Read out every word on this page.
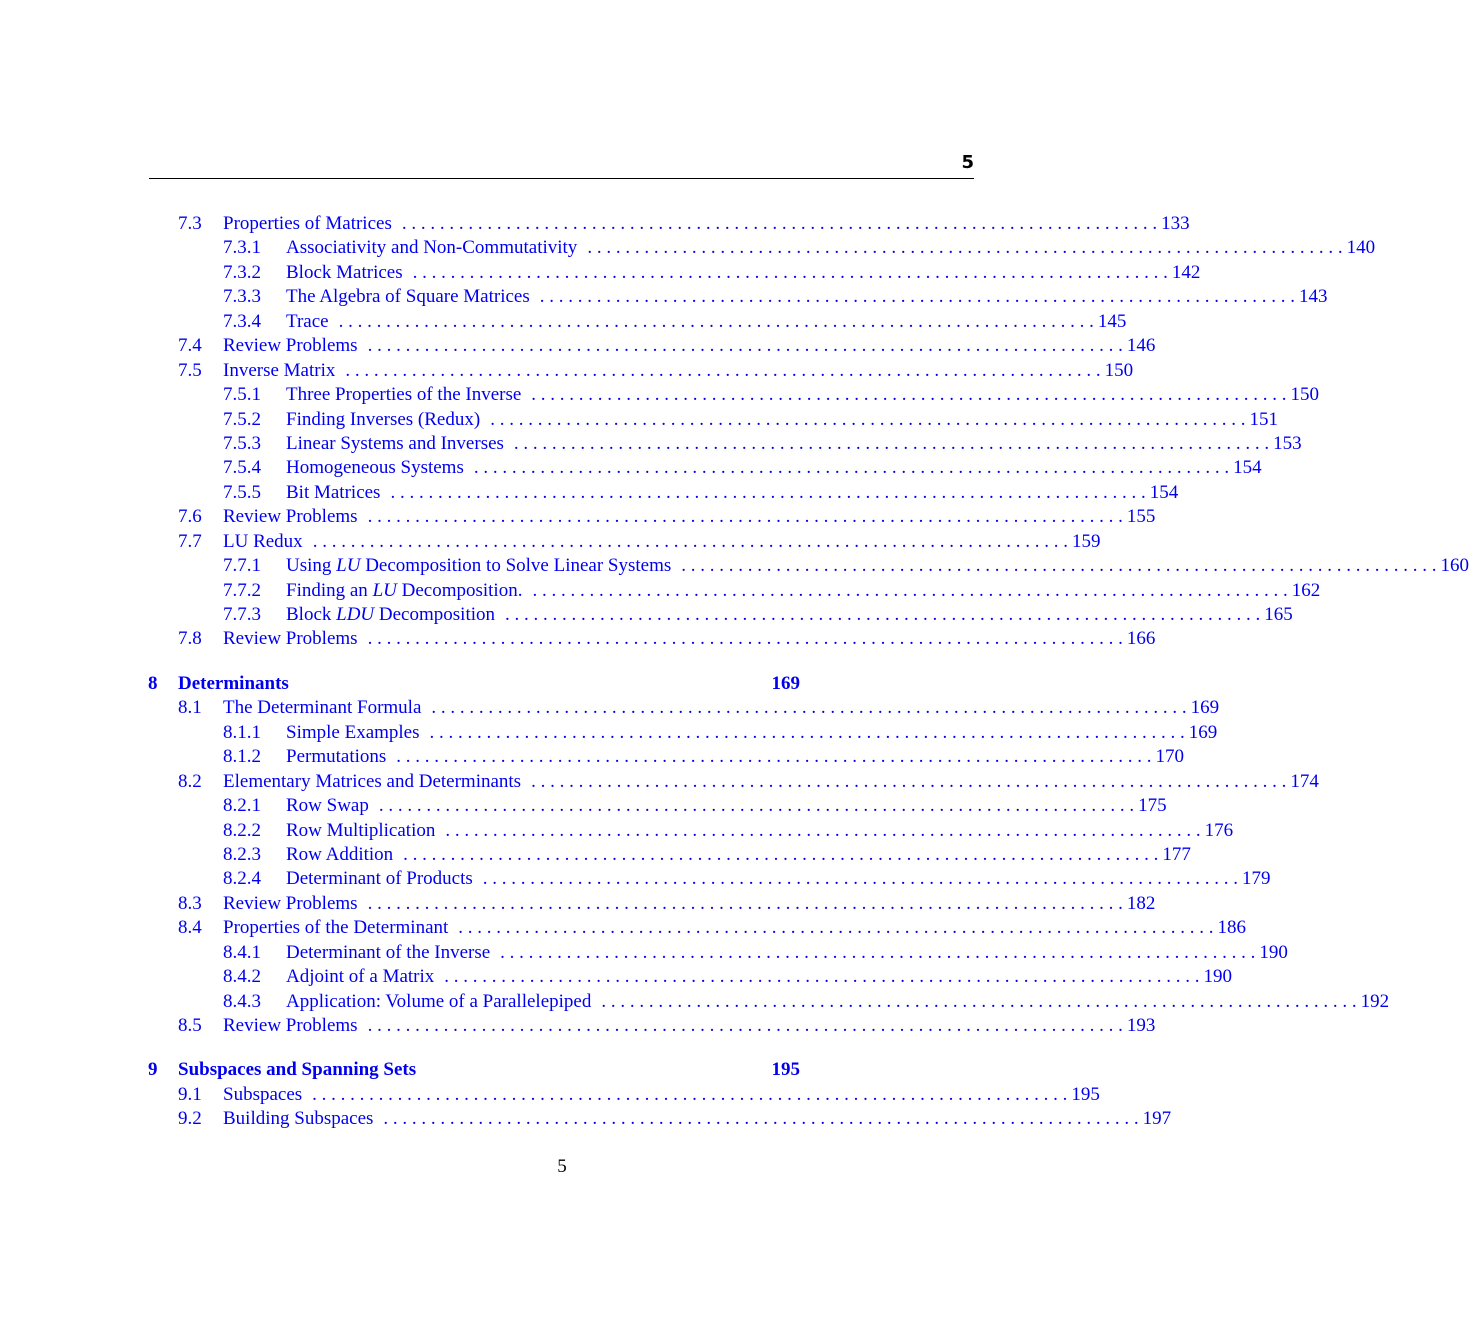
5
7.3	Properties of Matrices . . . . . . . . . . . . . . . . . . . . . . . . . . . . . . . . . . . . . . . . . . . . . . . . . . . . . . . . . . . . . . . . . . . . . . . . . . . . . . . . 133
7.3.1	Associativity and Non-Commutativity . . . . . . . . . . . . . . . . . . . . . . . . . . . . . . . . . . . . . . . . . . . . . . . . . . . . . . . . . . . . . . . . . . . . . . . . . . . . . . . . 140
7.3.2	Block Matrices . . . . . . . . . . . . . . . . . . . . . . . . . . . . . . . . . . . . . . . . . . . . . . . . . . . . . . . . . . . . . . . . . . . . . . . . . . . . . . . . 142
7.3.3	The Algebra of Square Matrices . . . . . . . . . . . . . . . . . . . . . . . . . . . . . . . . . . . . . . . . . . . . . . . . . . . . . . . . . . . . . . . . . . . . . . . . . . . . . . . . 143
7.3.4	Trace . . . . . . . . . . . . . . . . . . . . . . . . . . . . . . . . . . . . . . . . . . . . . . . . . . . . . . . . . . . . . . . . . . . . . . . . . . . . . . . . 145
7.4	Review Problems . . . . . . . . . . . . . . . . . . . . . . . . . . . . . . . . . . . . . . . . . . . . . . . . . . . . . . . . . . . . . . . . . . . . . . . . . . . . . . . . 146
7.5	Inverse Matrix . . . . . . . . . . . . . . . . . . . . . . . . . . . . . . . . . . . . . . . . . . . . . . . . . . . . . . . . . . . . . . . . . . . . . . . . . . . . . . . . 150
7.5.1	Three Properties of the Inverse . . . . . . . . . . . . . . . . . . . . . . . . . . . . . . . . . . . . . . . . . . . . . . . . . . . . . . . . . . . . . . . . . . . . . . . . . . . . . . . . 150
7.5.2	Finding Inverses (Redux) . . . . . . . . . . . . . . . . . . . . . . . . . . . . . . . . . . . . . . . . . . . . . . . . . . . . . . . . . . . . . . . . . . . . . . . . . . . . . . . . 151
7.5.3	Linear Systems and Inverses . . . . . . . . . . . . . . . . . . . . . . . . . . . . . . . . . . . . . . . . . . . . . . . . . . . . . . . . . . . . . . . . . . . . . . . . . . . . . . . . 153
7.5.4	Homogeneous Systems . . . . . . . . . . . . . . . . . . . . . . . . . . . . . . . . . . . . . . . . . . . . . . . . . . . . . . . . . . . . . . . . . . . . . . . . . . . . . . . . 154
7.5.5	Bit Matrices . . . . . . . . . . . . . . . . . . . . . . . . . . . . . . . . . . . . . . . . . . . . . . . . . . . . . . . . . . . . . . . . . . . . . . . . . . . . . . . . 154
7.6	Review Problems . . . . . . . . . . . . . . . . . . . . . . . . . . . . . . . . . . . . . . . . . . . . . . . . . . . . . . . . . . . . . . . . . . . . . . . . . . . . . . . . 155
7.7	LU Redux . . . . . . . . . . . . . . . . . . . . . . . . . . . . . . . . . . . . . . . . . . . . . . . . . . . . . . . . . . . . . . . . . . . . . . . . . . . . . . . . 159
7.7.1	Using LU Decomposition to Solve Linear Systems . . . . . . . . . . . . . . . . . . . . . . . . . . . . . . . . . . . . . . . . . . . . . . . . . . . . . . . . . . . . . . . . . . . . . . . . . . . . . . . . 160
7.7.2	Finding an LU Decomposition. . . . . . . . . . . . . . . . . . . . . . . . . . . . . . . . . . . . . . . . . . . . . . . . . . . . . . . . . . . . . . . . . . . . . . . . . . . . . . . . . 162
7.7.3	Block LDU Decomposition . . . . . . . . . . . . . . . . . . . . . . . . . . . . . . . . . . . . . . . . . . . . . . . . . . . . . . . . . . . . . . . . . . . . . . . . . . . . . . . . 165
7.8	Review Problems . . . . . . . . . . . . . . . . . . . . . . . . . . . . . . . . . . . . . . . . . . . . . . . . . . . . . . . . . . . . . . . . . . . . . . . . . . . . . . . . 166
8	Determinants	169
8.1	The Determinant Formula . . . . . . . . . . . . . . . . . . . . . . . . . . . . . . . . . . . . . . . . . . . . . . . . . . . . . . . . . . . . . . . . . . . . . . . . . . . . . . . . 169
8.1.1	Simple Examples . . . . . . . . . . . . . . . . . . . . . . . . . . . . . . . . . . . . . . . . . . . . . . . . . . . . . . . . . . . . . . . . . . . . . . . . . . . . . . . . 169
8.1.2	Permutations . . . . . . . . . . . . . . . . . . . . . . . . . . . . . . . . . . . . . . . . . . . . . . . . . . . . . . . . . . . . . . . . . . . . . . . . . . . . . . . . 170
8.2	Elementary Matrices and Determinants . . . . . . . . . . . . . . . . . . . . . . . . . . . . . . . . . . . . . . . . . . . . . . . . . . . . . . . . . . . . . . . . . . . . . . . . . . . . . . . . 174
8.2.1	Row Swap . . . . . . . . . . . . . . . . . . . . . . . . . . . . . . . . . . . . . . . . . . . . . . . . . . . . . . . . . . . . . . . . . . . . . . . . . . . . . . . . 175
8.2.2	Row Multiplication . . . . . . . . . . . . . . . . . . . . . . . . . . . . . . . . . . . . . . . . . . . . . . . . . . . . . . . . . . . . . . . . . . . . . . . . . . . . . . . . 176
8.2.3	Row Addition . . . . . . . . . . . . . . . . . . . . . . . . . . . . . . . . . . . . . . . . . . . . . . . . . . . . . . . . . . . . . . . . . . . . . . . . . . . . . . . . 177
8.2.4	Determinant of Products . . . . . . . . . . . . . . . . . . . . . . . . . . . . . . . . . . . . . . . . . . . . . . . . . . . . . . . . . . . . . . . . . . . . . . . . . . . . . . . . 179
8.3	Review Problems . . . . . . . . . . . . . . . . . . . . . . . . . . . . . . . . . . . . . . . . . . . . . . . . . . . . . . . . . . . . . . . . . . . . . . . . . . . . . . . . 182
8.4	Properties of the Determinant . . . . . . . . . . . . . . . . . . . . . . . . . . . . . . . . . . . . . . . . . . . . . . . . . . . . . . . . . . . . . . . . . . . . . . . . . . . . . . . . 186
8.4.1	Determinant of the Inverse . . . . . . . . . . . . . . . . . . . . . . . . . . . . . . . . . . . . . . . . . . . . . . . . . . . . . . . . . . . . . . . . . . . . . . . . . . . . . . . . 190
8.4.2	Adjoint of a Matrix . . . . . . . . . . . . . . . . . . . . . . . . . . . . . . . . . . . . . . . . . . . . . . . . . . . . . . . . . . . . . . . . . . . . . . . . . . . . . . . . 190
8.4.3	Application: Volume of a Parallelepiped . . . . . . . . . . . . . . . . . . . . . . . . . . . . . . . . . . . . . . . . . . . . . . . . . . . . . . . . . . . . . . . . . . . . . . . . . . . . . . . . 192
8.5	Review Problems . . . . . . . . . . . . . . . . . . . . . . . . . . . . . . . . . . . . . . . . . . . . . . . . . . . . . . . . . . . . . . . . . . . . . . . . . . . . . . . . 193
9	Subspaces and Spanning Sets	195
9.1	Subspaces . . . . . . . . . . . . . . . . . . . . . . . . . . . . . . . . . . . . . . . . . . . . . . . . . . . . . . . . . . . . . . . . . . . . . . . . . . . . . . . . 195
9.2	Building Subspaces . . . . . . . . . . . . . . . . . . . . . . . . . . . . . . . . . . . . . . . . . . . . . . . . . . . . . . . . . . . . . . . . . . . . . . . . . . . . . . . . 197
5
